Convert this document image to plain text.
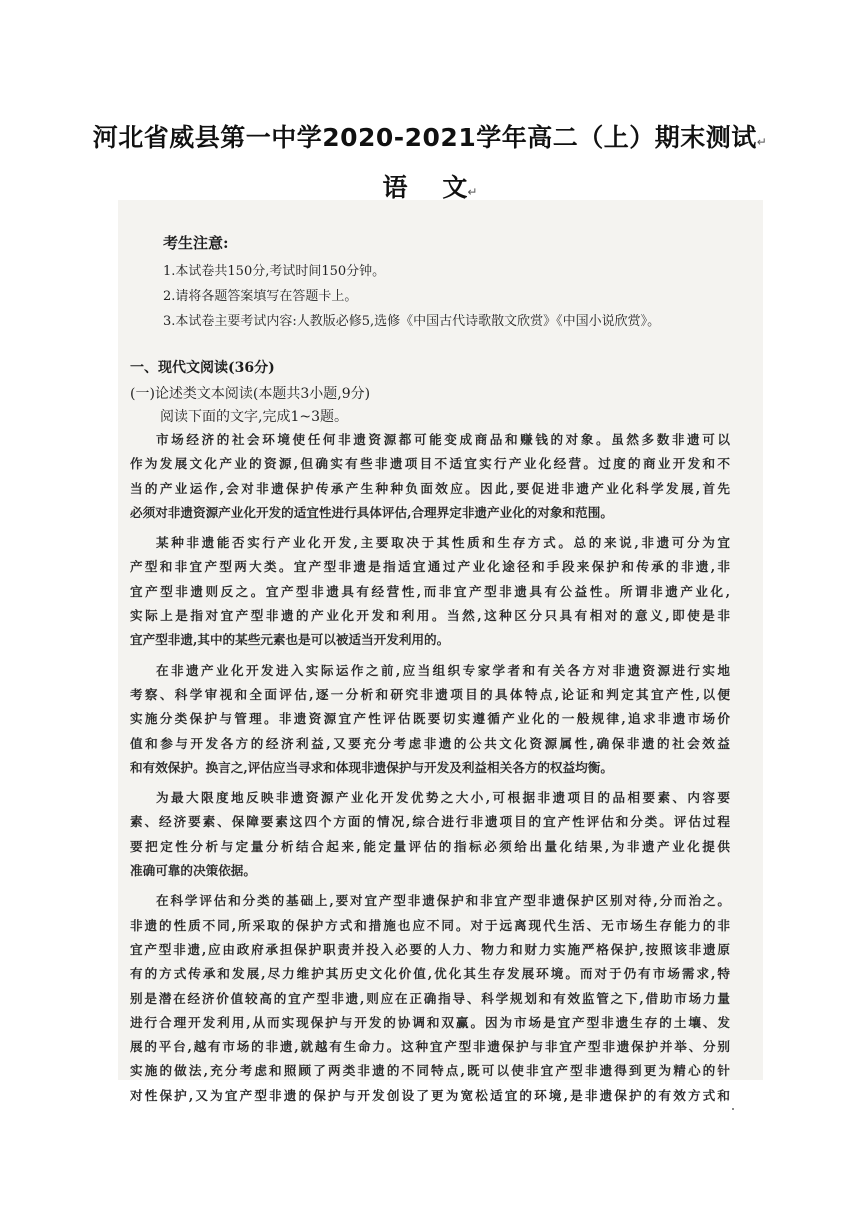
河北省威县第一中学2020-2021学年高二（上）期末测试↵
语    文↵
考生注意:
1.本试卷共150分,考试时间150分钟。
2.请将各题答案填写在答题卡上。
3.本试卷主要考试内容:人教版必修5,选修《中国古代诗歌散文欣赏》《中国小说欣赏》。
一、现代文阅读(36分)
(一)论述类文本阅读(本题共3小题,9分)
阅读下面的文字,完成1~3题。
市场经济的社会环境使任何非遗资源都可能变成商品和赚钱的对象。虽然多数非遗可以
作为发展文化产业的资源,但确实有些非遗项目不适宜实行产业化经营。过度的商业开发和不
当的产业运作,会对非遗保护传承产生种种负面效应。因此,要促进非遗产业化科学发展,首先
必须对非遗资源产业化开发的适宜性进行具体评估,合理界定非遗产业化的对象和范围。
某种非遗能否实行产业化开发,主要取决于其性质和生存方式。总的来说,非遗可分为宜
产型和非宜产型两大类。宜产型非遗是指适宜通过产业化途径和手段来保护和传承的非遗,非
宜产型非遗则反之。宜产型非遗具有经营性,而非宜产型非遗具有公益性。所谓非遗产业化,
实际上是指对宜产型非遗的产业化开发和利用。当然,这种区分只具有相对的意义,即使是非
宜产型非遗,其中的某些元素也是可以被适当开发利用的。
在非遗产业化开发进入实际运作之前,应当组织专家学者和有关各方对非遗资源进行实地
考察、科学审视和全面评估,逐一分析和研究非遗项目的具体特点,论证和判定其宜产性,以便
实施分类保护与管理。非遗资源宜产性评估既要切实遵循产业化的一般规律,追求非遗市场价
值和参与开发各方的经济利益,又要充分考虑非遗的公共文化资源属性,确保非遗的社会效益
和有效保护。换言之,评估应当寻求和体现非遗保护与开发及利益相关各方的权益均衡。
为最大限度地反映非遗资源产业化开发优势之大小,可根据非遗项目的品相要素、内容要
素、经济要素、保障要素这四个方面的情况,综合进行非遗项目的宜产性评估和分类。评估过程
要把定性分析与定量分析结合起来,能定量评估的指标必须给出量化结果,为非遗产业化提供
准确可靠的决策依据。
在科学评估和分类的基础上,要对宜产型非遗保护和非宜产型非遗保护区别对待,分而治之。
非遗的性质不同,所采取的保护方式和措施也应不同。对于远离现代生活、无市场生存能力的非
宜产型非遗,应由政府承担保护职责并投入必要的人力、物力和财力实施严格保护,按照该非遗原
有的方式传承和发展,尽力维护其历史文化价值,优化其生存发展环境。而对于仍有市场需求,特
别是潜在经济价值较高的宜产型非遗,则应在正确指导、科学规划和有效监管之下,借助市场力量
进行合理开发利用,从而实现保护与开发的协调和双赢。因为市场是宜产型非遗生存的土壤、发
展的平台,越有市场的非遗,就越有生命力。这种宜产型非遗保护与非宜产型非遗保护并举、分别
实施的做法,充分考虑和照顾了两类非遗的不同特点,既可以使非宜产型非遗得到更为精心的针
对性保护,又为宜产型非遗的保护与开发创设了更为宽松适宜的环境,是非遗保护的有效方式和
